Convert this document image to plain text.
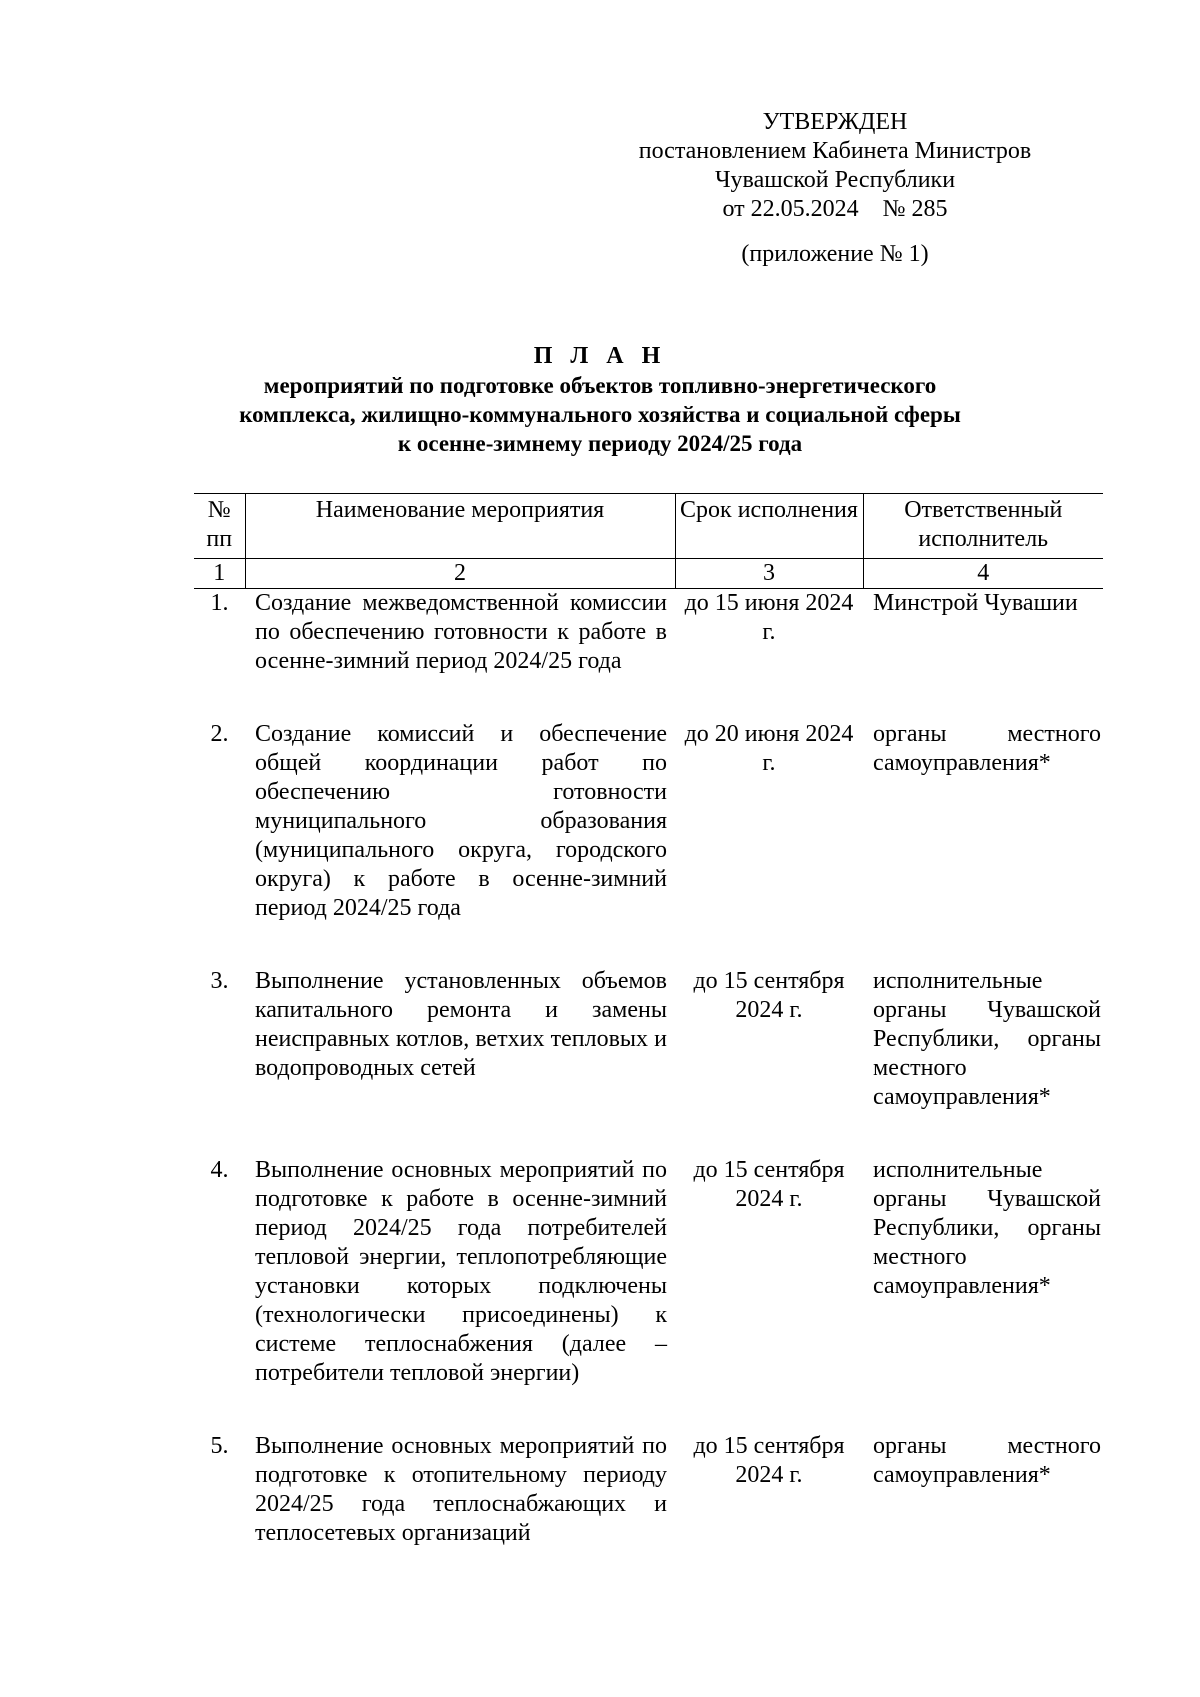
УТВЕРЖДЕН
постановлением Кабинета Министров
Чувашской Республики
от 22.05.2024    № 285
(приложение № 1)
П Л А Н
мероприятий по подготовке объектов топливно-энергетического
комплекса, жилищно-коммунального хозяйства и социальной сферы
к осенне-зимнему периоду 2024/25 года
№ пп	Наименование мероприятия	Срок исполнения	Ответственный исполнитель
1	2	3	4
1.	Создание межведомственной комиссии по обеспечению готовности к работе в осенне-зимний период 2024/25 года	до 15 июня 2024 г.	Минстрой Чувашии
2.	Создание комиссий и обеспечение общей координации работ по обеспечению готовности муниципального образования (муниципального округа, городского округа) к работе в осенне-зимний период 2024/25 года	до 20 июня 2024 г.	органы местного самоуправления*
3.	Выполнение установленных объемов капитального ремонта и замены неисправных котлов, ветхих тепловых и водопроводных сетей	до 15 сентября 2024 г.	исполнительные органы Чувашской Республики, органы местного самоуправления*
4.	Выполнение основных мероприятий по подготовке к работе в осенне-зимний период 2024/25 года потребителей тепловой энергии, теплопотребляющие установки которых подключены (технологически присоединены) к системе теплоснабжения (далее – потребители тепловой энергии)	до 15 сентября 2024 г.	исполнительные органы Чувашской Республики, органы местного самоуправления*
5.	Выполнение основных мероприятий по подготовке к отопительному периоду 2024/25 года теплоснабжающих и теплосетевых организаций	до 15 сентября 2024 г.	органы местного самоуправления*
